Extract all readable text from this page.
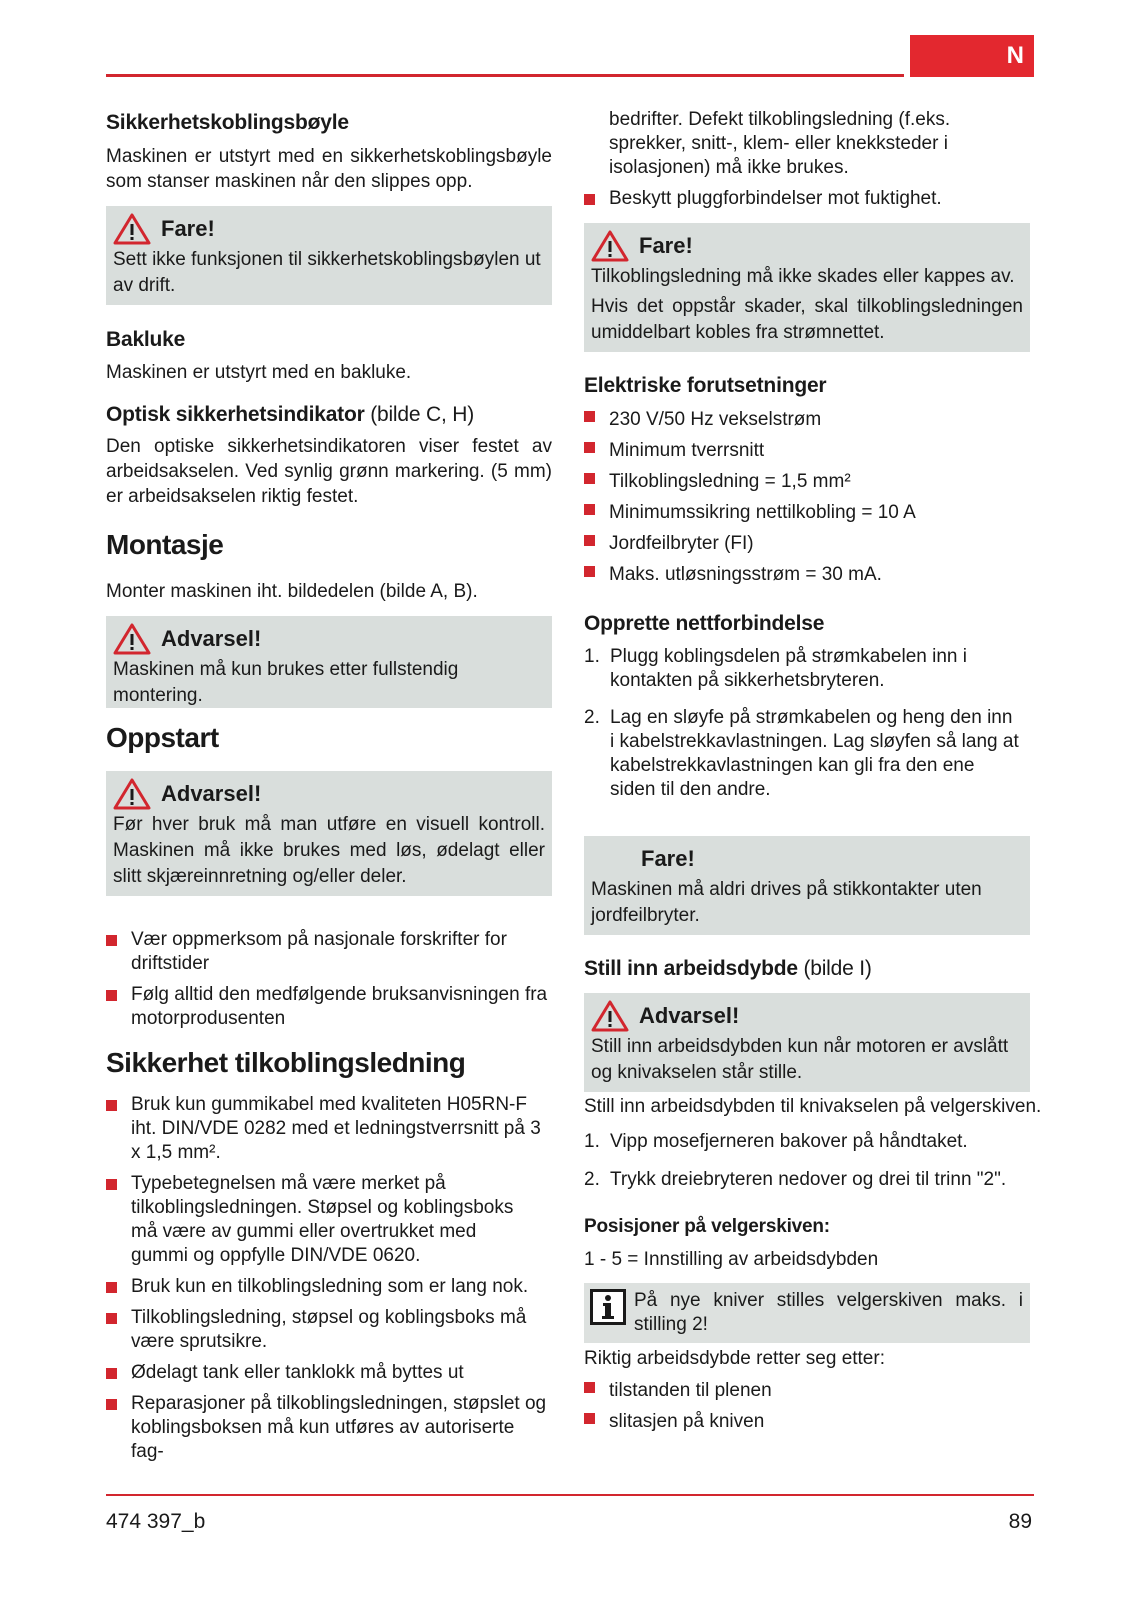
N
Sikkerhetskoblingsbøyle

Maskinen er utstyrt med en sikkerhetskoblingsbøyle som stanser maskinen når den slippes opp.

Fare!

Sett ikke funksjonen til sikkerhetskoblingsbøylen ut av drift.

Bakluke

Maskinen er utstyrt med en bakluke.

Optisk sikkerhetsindikator (bilde C, H)

Den optiske sikkerhetsindikatoren viser festet av arbeidsakselen. Ved synlig grønn markering. (5 mm) er arbeidsakselen riktig festet.

Montasje

Monter maskinen iht. bildedelen (bilde A, B).

Advarsel!

Maskinen må kun brukes etter fullstendig montering.

Oppstart
Advarsel!

Før hver bruk må man utføre en visuell kontroll. Maskinen må ikke brukes med løs, ødelagt eller slitt skjæreinnretning og/eller deler.

Vær oppmerksom på nasjonale forskrifter for driftstider
Følg alltid den medfølgende bruksanvisningen fra motorprodusenten
Sikkerhet tilkoblingsledning
Bruk kun gummikabel med kvaliteten H05RN-F iht. DIN/VDE 0282 med et ledningstverrsnitt på 3 x 1,5 mm².
Typebetegnelsen må være merket på tilkoblingsledningen. Støpsel og koblingsboks må være av gummi eller overtrukket med gummi og oppfylle DIN/VDE 0620.
Bruk kun en tilkoblingsledning som er lang nok.
Tilkoblingsledning, støpsel og koblingsboks må være sprutsikre.
Ødelagt tank eller tanklokk må byttes ut
Reparasjoner på tilkoblingsledningen, støpslet og koblingsboksen må kun utføres av autoriserte fag-

bedrifter. Defekt tilkoblingsledning (f.eks. sprekker, snitt-, klem- eller knekksteder i isolasjonen) må ikke brukes.

Beskytt pluggforbindelser mot fuktighet.
Fare!

Tilkoblingsledning må ikke skades eller kappes av.

Hvis det oppstår skader, skal tilkoblingsledningen umiddelbart kobles fra strømnettet.

Elektriske forutsetninger
230 V/50 Hz vekselstrøm
Minimum tverrsnitt
Tilkoblingsledning = 1,5 mm²
Minimumssikring nettilkobling = 10 A
Jordfeilbryter (FI)
Maks. utløsningsstrøm = 30 mA.
Opprette nettforbindelse
1. Plugg koblingsdelen på strømkabelen inn i kontakten på sikkerhetsbryteren.
2. Lag en sløyfe på strømkabelen og heng den inn i kabelstrekkavlastningen. Lag sløyfen så lang at kabelstrekkavlastningen kan gli fra den ene siden til den andre.
Fare!

Maskinen må aldri drives på stikkontakter uten jordfeilbryter.

Still inn arbeidsdybde (bilde I)
Advarsel!

Still inn arbeidsdybden kun når motoren er avslått og knivakselen står stille.

Still inn arbeidsdybden til knivakselen på velgerskiven.

1. Vipp mosefjerneren bakover på håndtaket.
2. Trykk dreiebryteren nedover og drei til trinn "2".
Posisjoner på velgerskiven:

1 - 5 = Innstilling av arbeidsdybden

På nye kniver stilles velgerskiven maks. i stilling 2!

Riktig arbeidsdybde retter seg etter:

tilstanden til plenen
slitasjen på kniven
474 397_b	89
